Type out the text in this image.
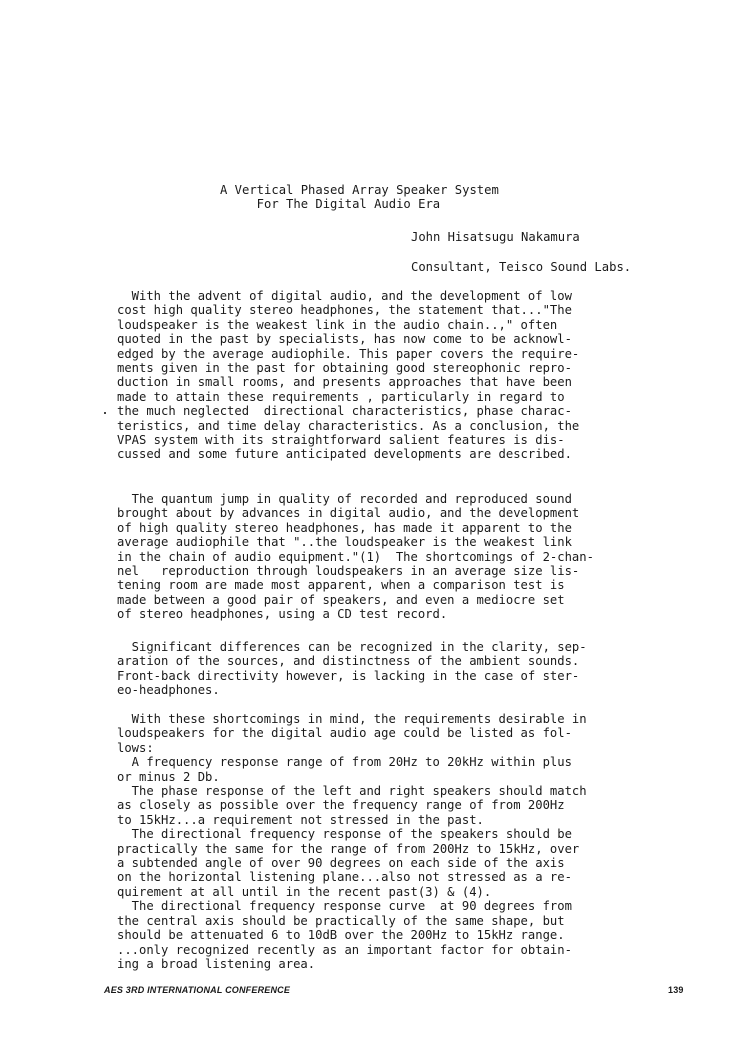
A Vertical Phased Array Speaker System
For The Digital Audio Era
John Hisatsugu Nakamura
Consultant, Teisco Sound Labs.
With the advent of digital audio, and the development of low
cost high quality stereo headphones, the statement that..."The
loudspeaker is the weakest link in the audio chain..," often
quoted in the past by specialists, has now come to be acknowl-
edged by the average audiophile. This paper covers the require-
ments given in the past for obtaining good stereophonic repro-
duction in small rooms, and presents approaches that have been
made to attain these requirements , particularly in regard to
the much neglected  directional characteristics, phase charac-
teristics, and time delay characteristics. As a conclusion, the
VPAS system with its straightforward salient features is dis-
cussed and some future anticipated developments are described.
The quantum jump in quality of recorded and reproduced sound
brought about by advances in digital audio, and the development
of high quality stereo headphones, has made it apparent to the
average audiophile that "..the loudspeaker is the weakest link
in the chain of audio equipment."(1)  The shortcomings of 2-chan-
nel   reproduction through loudspeakers in an average size lis-
tening room are made most apparent, when a comparison test is
made between a good pair of speakers, and even a mediocre set
of stereo headphones, using a CD test record.
Significant differences can be recognized in the clarity, sep-
aration of the sources, and distinctness of the ambient sounds.
Front-back directivity however, is lacking in the case of ster-
eo-headphones.
With these shortcomings in mind, the requirements desirable in
loudspeakers for the digital audio age could be listed as fol-
lows:
A frequency response range of from 20Hz to 20kHz within plus
or minus 2 Db.
The phase response of the left and right speakers should match
as closely as possible over the frequency range of from 200Hz
to 15kHz...a requirement not stressed in the past.
The directional frequency response of the speakers should be
practically the same for the range of from 200Hz to 15kHz, over
a subtended angle of over 90 degrees on each side of the axis
on the horizontal listening plane...also not stressed as a re-
quirement at all until in the recent past(3) & (4).
The directional frequency response curve  at 90 degrees from
the central axis should be practically of the same shape, but
should be attenuated 6 to 10dB over the 200Hz to 15kHz range.
...only recognized recently as an important factor for obtain-
ing a broad listening area.
AES 3RD INTERNATIONAL CONFERENCE	139
